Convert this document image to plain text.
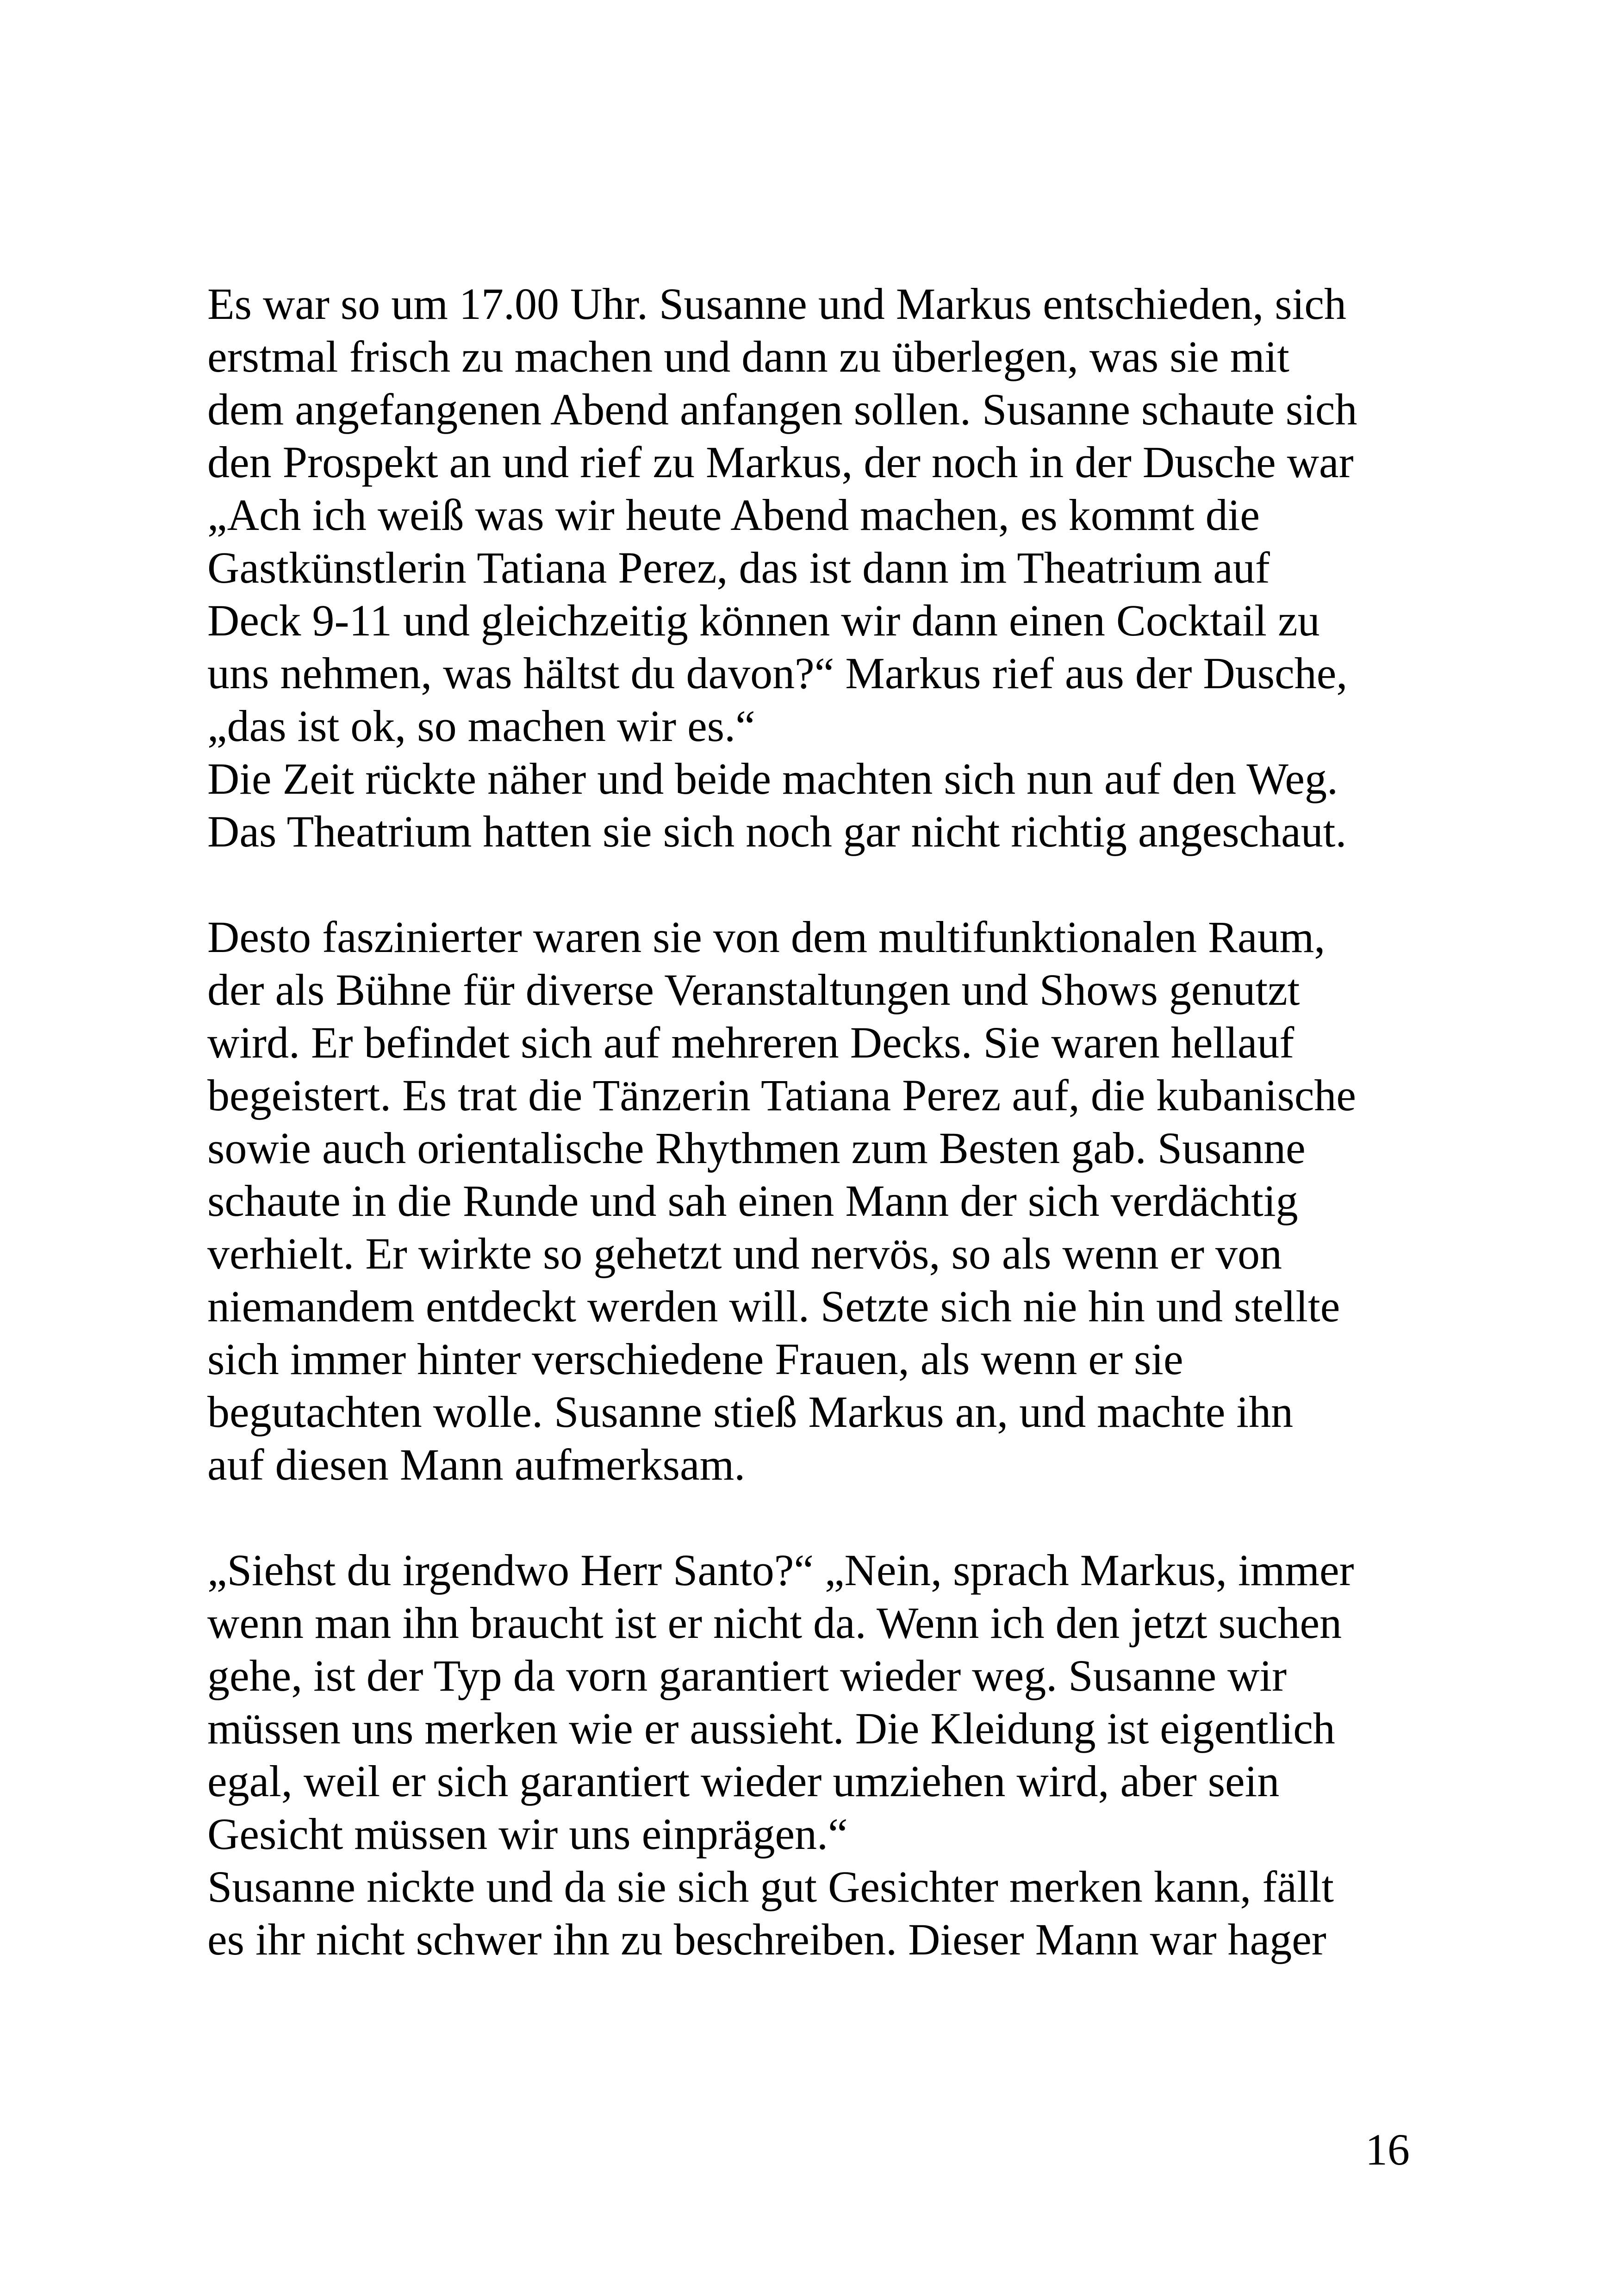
Es war so um 17.00 Uhr. Susanne und Markus entschieden, sich
erstmal frisch zu machen und dann zu überlegen, was sie mit
dem angefangenen Abend anfangen sollen. Susanne schaute sich
den Prospekt an und rief zu Markus, der noch in der Dusche war
„Ach ich weiß was wir heute Abend machen, es kommt die
Gastkünstlerin Tatiana Perez, das ist dann im Theatrium auf
Deck 9-11 und gleichzeitig können wir dann einen Cocktail zu
uns nehmen, was hältst du davon?“ Markus rief aus der Dusche,
„das ist ok, so machen wir es.“
Die Zeit rückte näher und beide machten sich nun auf den Weg.
Das Theatrium hatten sie sich noch gar nicht richtig angeschaut.
Desto faszinierter waren sie von dem multifunktionalen Raum,
der als Bühne für diverse Veranstaltungen und Shows genutzt
wird. Er befindet sich auf mehreren Decks. Sie waren hellauf
begeistert. Es trat die Tänzerin Tatiana Perez auf, die kubanische
sowie auch orientalische Rhythmen zum Besten gab. Susanne
schaute in die Runde und sah einen Mann der sich verdächtig
verhielt. Er wirkte so gehetzt und nervös, so als wenn er von
niemandem entdeckt werden will. Setzte sich nie hin und stellte
sich immer hinter verschiedene Frauen, als wenn er sie
begutachten wolle. Susanne stieß Markus an, und machte ihn
auf diesen Mann aufmerksam.
„Siehst du irgendwo Herr Santo?“ „Nein, sprach Markus, immer
wenn man ihn braucht ist er nicht da. Wenn ich den jetzt suchen
gehe, ist der Typ da vorn garantiert wieder weg. Susanne wir
müssen uns merken wie er aussieht. Die Kleidung ist eigentlich
egal, weil er sich garantiert wieder umziehen wird, aber sein
Gesicht müssen wir uns einprägen.“
Susanne nickte und da sie sich gut Gesichter merken kann, fällt
es ihr nicht schwer ihn zu beschreiben. Dieser Mann war hager
16
